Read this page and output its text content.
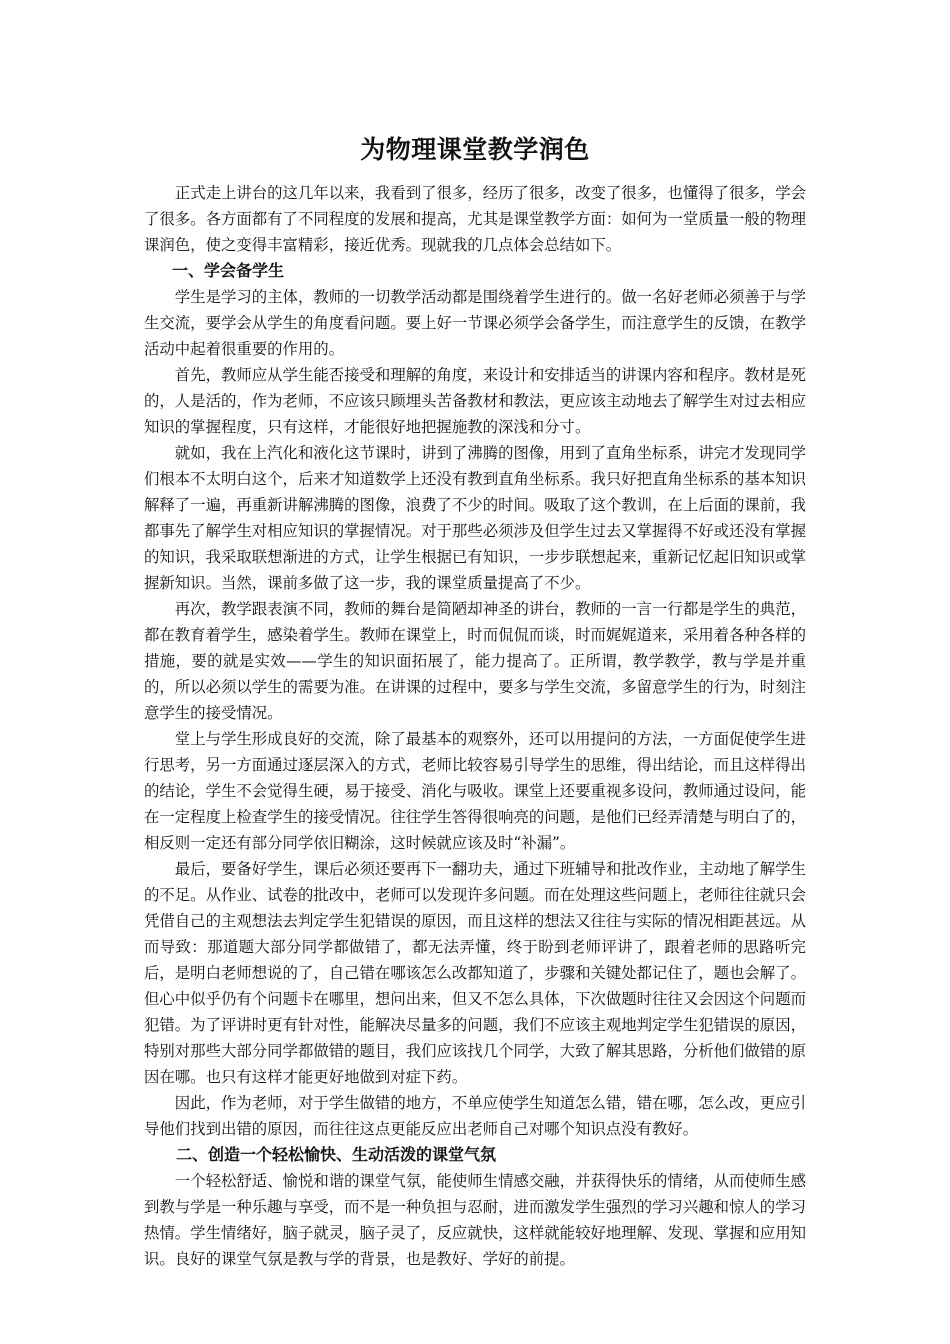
为物理课堂教学润色

正式走上讲台的这几年以来，我看到了很多，经历了很多，改变了很多，也懂得了很多，学会了很多。各方面都有了不同程度的发展和提高，尤其是课堂教学方面：如何为一堂质量一般的物理课润色，使之变得丰富精彩，接近优秀。现就我的几点体会总结如下。

一、学会备学生

学生是学习的主体，教师的一切教学活动都是围绕着学生进行的。做一名好老师必须善于与学生交流，要学会从学生的角度看问题。要上好一节课必须学会备学生，而注意学生的反馈，在教学活动中起着很重要的作用的。

首先，教师应从学生能否接受和理解的角度，来设计和安排适当的讲课内容和程序。教材是死的，人是活的，作为老师，不应该只顾埋头苦备教材和教法，更应该主动地去了解学生对过去相应知识的掌握程度，只有这样，才能很好地把握施教的深浅和分寸。

就如，我在上汽化和液化这节课时，讲到了沸腾的图像，用到了直角坐标系，讲完才发现同学们根本不太明白这个，后来才知道数学上还没有教到直角坐标系。我只好把直角坐标系的基本知识解释了一遍，再重新讲解沸腾的图像，浪费了不少的时间。吸取了这个教训，在上后面的课前，我都事先了解学生对相应知识的掌握情况。对于那些必须涉及但学生过去又掌握得不好或还没有掌握的知识，我采取联想渐进的方式，让学生根据已有知识，一步步联想起来，重新记忆起旧知识或掌握新知识。当然，课前多做了这一步，我的课堂质量提高了不少。

再次，教学跟表演不同，教师的舞台是简陋却神圣的讲台，教师的一言一行都是学生的典范，都在教育着学生，感染着学生。教师在课堂上，时而侃侃而谈，时而娓娓道来，采用着各种各样的措施，要的就是实效——学生的知识面拓展了，能力提高了。正所谓，教学教学，教与学是并重的，所以必须以学生的需要为准。在讲课的过程中，要多与学生交流，多留意学生的行为，时刻注意学生的接受情况。

堂上与学生形成良好的交流，除了最基本的观察外，还可以用提问的方法，一方面促使学生进行思考，另一方面通过逐层深入的方式，老师比较容易引导学生的思维，得出结论，而且这样得出的结论，学生不会觉得生硬，易于接受、消化与吸收。课堂上还要重视多设问，教师通过设问，能在一定程度上检查学生的接受情况。往往学生答得很响亮的问题，是他们已经弄清楚与明白了的，相反则一定还有部分同学依旧糊涂，这时候就应该及时“补漏”。

最后，要备好学生，课后必须还要再下一翻功夫，通过下班辅导和批改作业，主动地了解学生的不足。从作业、试卷的批改中，老师可以发现许多问题。而在处理这些问题上，老师往往就只会凭借自己的主观想法去判定学生犯错误的原因，而且这样的想法又往往与实际的情况相距甚远。从而导致：那道题大部分同学都做错了，都无法弄懂，终于盼到老师评讲了，跟着老师的思路听完后，是明白老师想说的了，自己错在哪该怎么改都知道了，步骤和关键处都记住了，题也会解了。但心中似乎仍有个问题卡在哪里，想问出来，但又不怎么具体，下次做题时往往又会因这个问题而犯错。为了评讲时更有针对性，能解决尽量多的问题，我们不应该主观地判定学生犯错误的原因，特别对那些大部分同学都做错的题目，我们应该找几个同学，大致了解其思路，分析他们做错的原因在哪。也只有这样才能更好地做到对症下药。

因此，作为老师，对于学生做错的地方，不单应使学生知道怎么错，错在哪，怎么改，更应引导他们找到出错的原因，而往往这点更能反应出老师自己对哪个知识点没有教好。

二、创造一个轻松愉快、生动活泼的课堂气氛

一个轻松舒适、愉悦和谐的课堂气氛，能使师生情感交融，并获得快乐的情绪，从而使师生感到教与学是一种乐趣与享受，而不是一种负担与忍耐，进而激发学生强烈的学习兴趣和惊人的学习热情。学生情绪好，脑子就灵，脑子灵了，反应就快，这样就能较好地理解、发现、掌握和应用知识。良好的课堂气氛是教与学的背景，也是教好、学好的前提。
